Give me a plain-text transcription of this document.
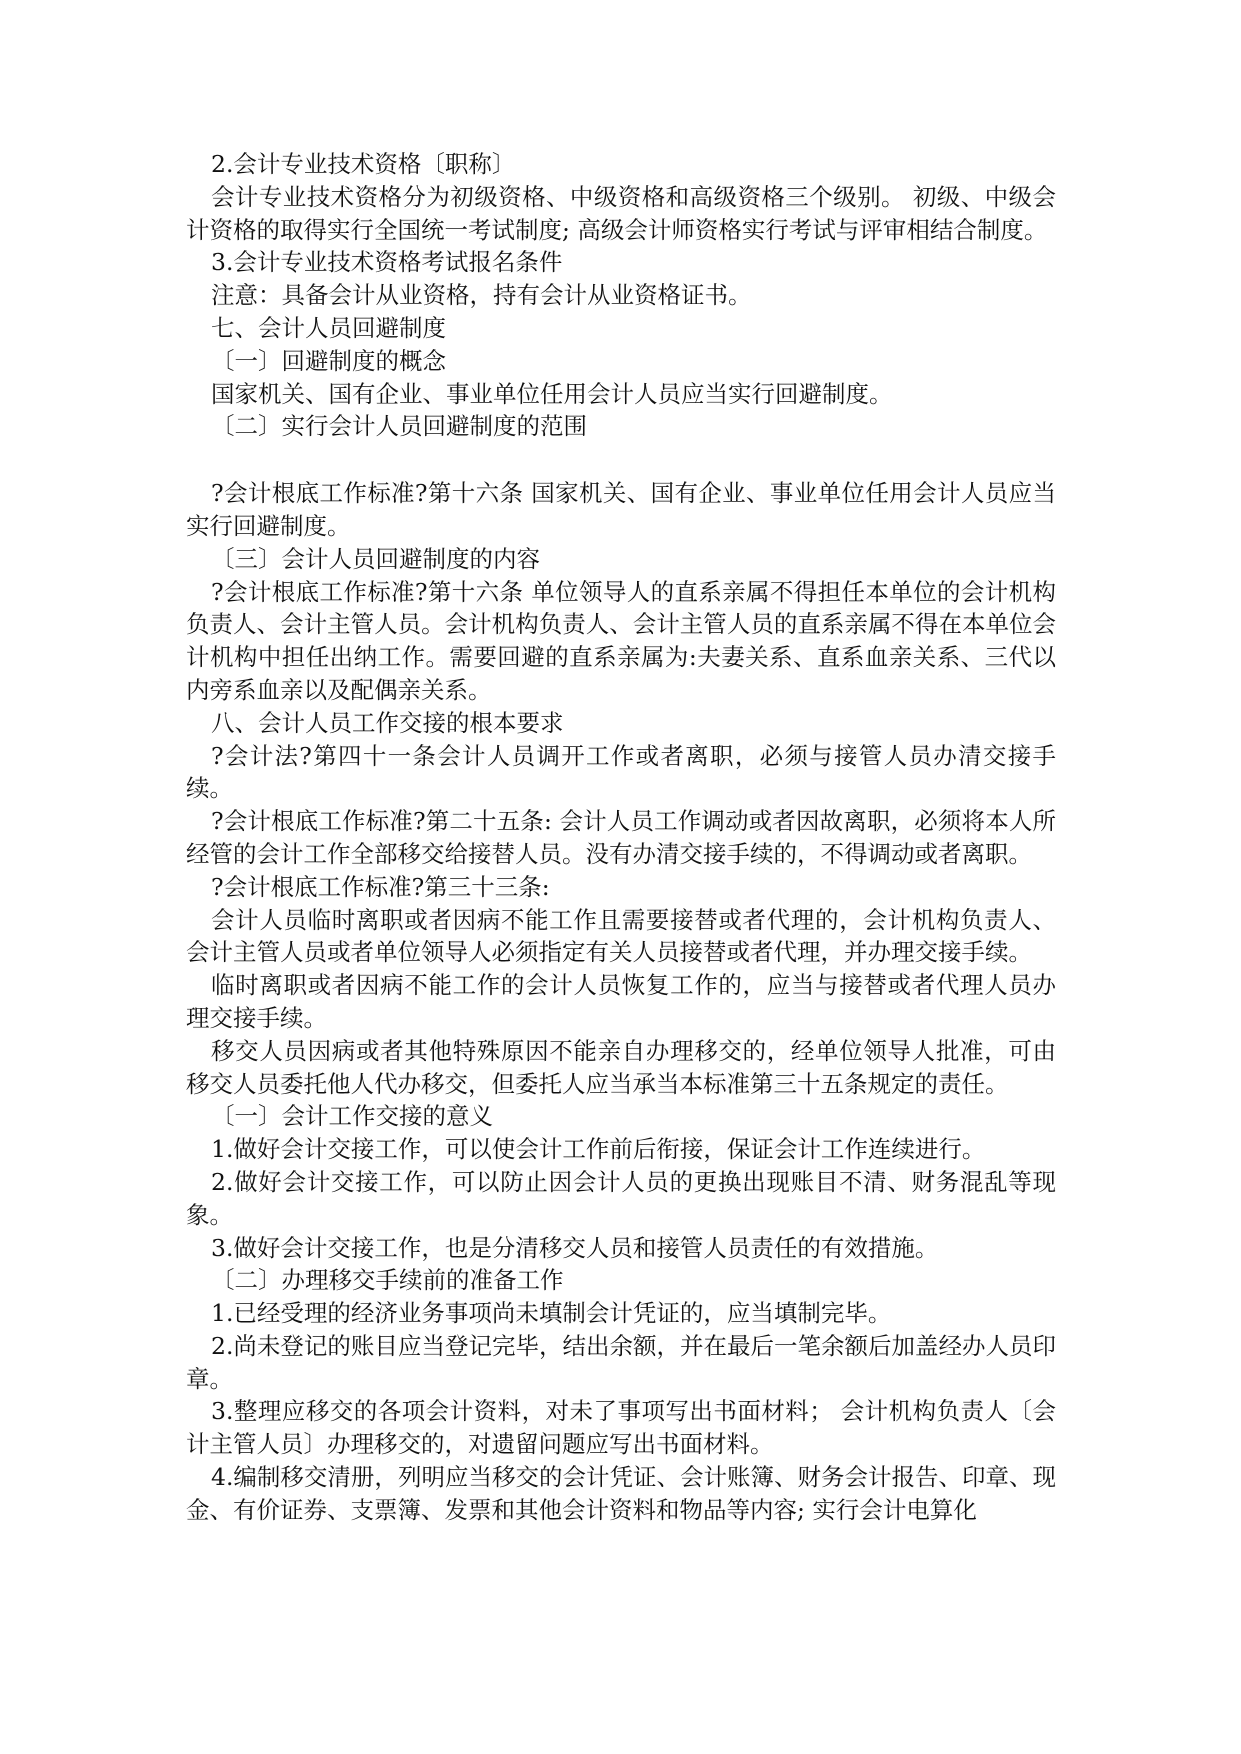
2.会计专业技术资格〔职称〕

会计专业技术资格分为初级资格、中级资格和高级资格三个级别。 初级、中级会计资格的取得实行全国统一考试制度; 高级会计师资格实行考试与评审相结合制度。

3.会计专业技术资格考试报名条件

注意：具备会计从业资格，持有会计从业资格证书。

七、会计人员回避制度

〔一〕回避制度的概念

国家机关、国有企业、事业单位任用会计人员应当实行回避制度。

〔二〕实行会计人员回避制度的范围

?会计根底工作标准?第十六条 国家机关、国有企业、事业单位任用会计人员应当实行回避制度。

〔三〕会计人员回避制度的内容

?会计根底工作标准?第十六条 单位领导人的直系亲属不得担任本单位的会计机构负责人、会计主管人员。会计机构负责人、会计主管人员的直系亲属不得在本单位会计机构中担任出纳工作。需要回避的直系亲属为:夫妻关系、直系血亲关系、三代以内旁系血亲以及配偶亲关系。

八、会计人员工作交接的根本要求

?会计法?第四十一条会计人员调开工作或者离职，必须与接管人员办清交接手续。

?会计根底工作标准?第二十五条: 会计人员工作调动或者因故离职，必须将本人所经管的会计工作全部移交给接替人员。没有办清交接手续的，不得调动或者离职。

?会计根底工作标准?第三十三条:

会计人员临时离职或者因病不能工作且需要接替或者代理的，会计机构负责人、会计主管人员或者单位领导人必须指定有关人员接替或者代理，并办理交接手续。

临时离职或者因病不能工作的会计人员恢复工作的，应当与接替或者代理人员办理交接手续。

移交人员因病或者其他特殊原因不能亲自办理移交的，经单位领导人批准，可由移交人员委托他人代办移交，但委托人应当承当本标准第三十五条规定的责任。

〔一〕会计工作交接的意义

1.做好会计交接工作，可以使会计工作前后衔接，保证会计工作连续进行。

2.做好会计交接工作，可以防止因会计人员的更换出现账目不清、财务混乱等现象。

3.做好会计交接工作，也是分清移交人员和接管人员责任的有效措施。

〔二〕办理移交手续前的准备工作

1.已经受理的经济业务事项尚未填制会计凭证的，应当填制完毕。

2.尚未登记的账目应当登记完毕，结出余额，并在最后一笔余额后加盖经办人员印章。

3.整理应移交的各项会计资料，对未了事项写出书面材料； 会计机构负责人〔会计主管人员〕办理移交的，对遗留问题应写出书面材料。

4.编制移交清册，列明应当移交的会计凭证、会计账簿、财务会计报告、印章、现金、有价证券、支票簿、发票和其他会计资料和物品等内容; 实行会计电算化
